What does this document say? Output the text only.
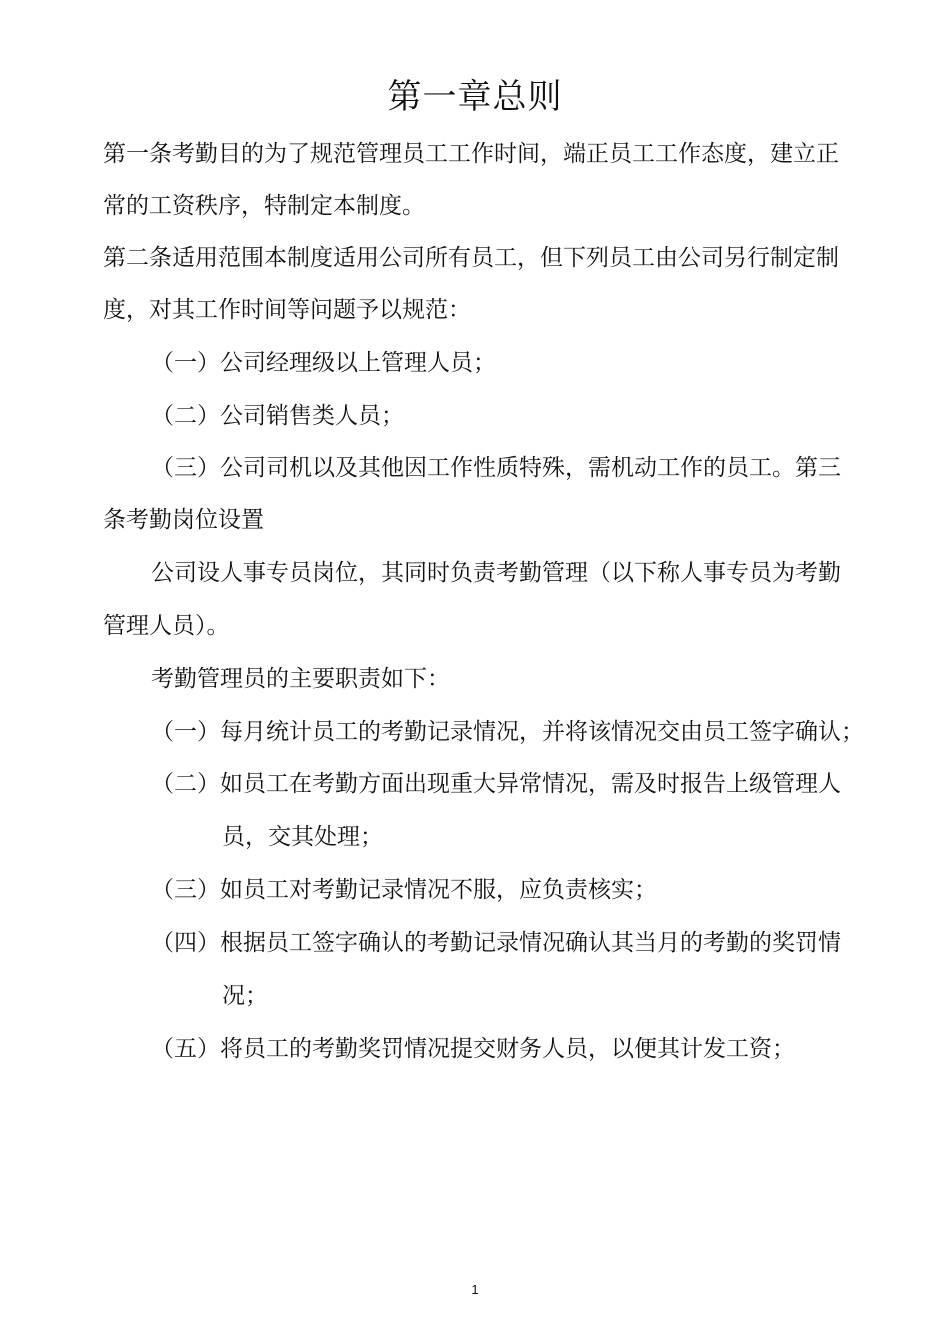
第一章总则
第一条考勤目的为了规范管理员工工作时间，端正员工工作态度，建立正
常的工资秩序，特制定本制度。
第二条适用范围本制度适用公司所有员工，但下列员工由公司另行制定制
度，对其工作时间等问题予以规范：
（一）公司经理级以上管理人员；
（二）公司销售类人员；
（三）公司司机以及其他因工作性质特殊，需机动工作的员工。第三
条考勤岗位设置
公司设人事专员岗位，其同时负责考勤管理（以下称人事专员为考勤
管理人员）。
考勤管理员的主要职责如下：
（一）每月统计员工的考勤记录情况，并将该情况交由员工签字确认；
（二）如员工在考勤方面出现重大异常情况，需及时报告上级管理人
员，交其处理；
（三）如员工对考勤记录情况不服，应负责核实；
（四）根据员工签字确认的考勤记录情况确认其当月的考勤的奖罚情
况；
（五）将员工的考勤奖罚情况提交财务人员，以便其计发工资；
1
